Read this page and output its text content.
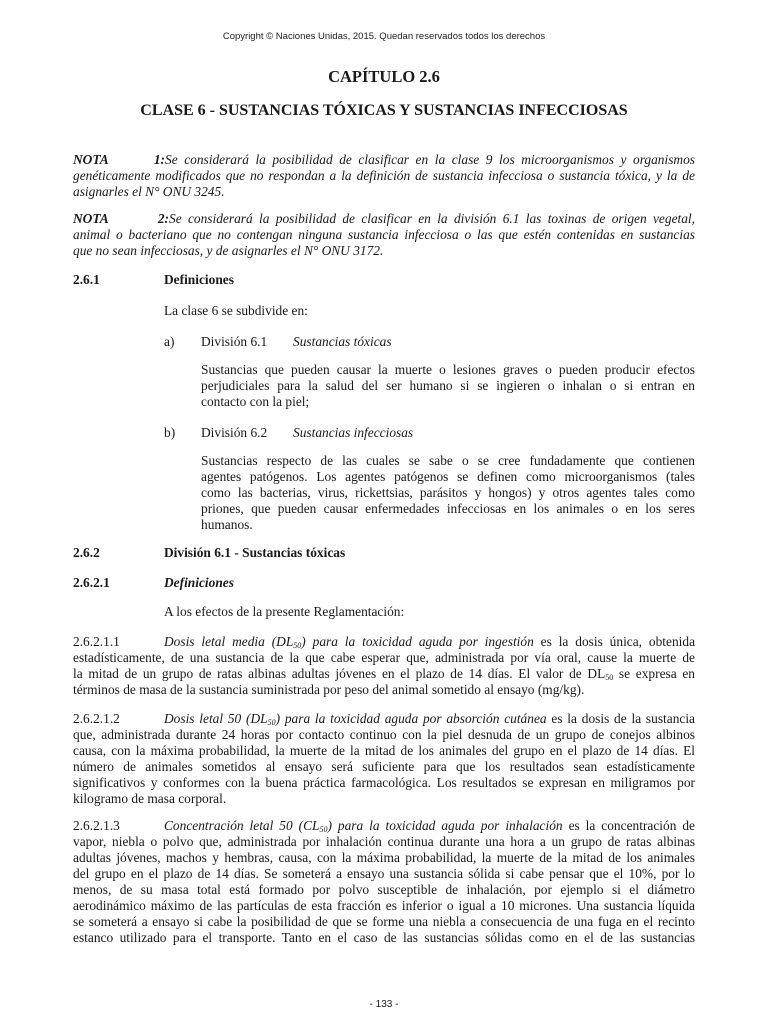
Copyright © Naciones Unidas, 2015. Quedan reservados todos los derechos
CAPÍTULO 2.6
CLASE 6 - SUSTANCIAS TÓXICAS Y SUSTANCIAS INFECCIOSAS
NOTA 1:Se considerará la posibilidad de clasificar en la clase 9 los microorganismos y organismos
genéticamente modificados que no respondan a la definición de sustancia infecciosa o sustancia tóxica, y la de
asignarles el N° ONU 3245.
NOTA 2:Se considerará la posibilidad de clasificar en la división 6.1 las toxinas de origen vegetal,
animal o bacteriano que no contengan ninguna sustancia infecciosa o las que estén contenidas en sustancias
que no sean infecciosas, y de asignarles el N° ONU 3172.
2.6.1	Definiciones
La clase 6 se subdivide en:
a) División 6.1 Sustancias tóxicas
Sustancias que pueden causar la muerte o lesiones graves o pueden producir efectos
perjudiciales para la salud del ser humano si se ingieren o inhalan o si entran en
contacto con la piel;
b) División 6.2 Sustancias infecciosas
Sustancias respecto de las cuales se sabe o se cree fundadamente que contienen
agentes patógenos. Los agentes patógenos se definen como microorganismos (tales
como las bacterias, virus, rickettsias, parásitos y hongos) y otros agentes tales como
priones, que pueden causar enfermedades infecciosas en los animales o en los seres
humanos.
2.6.2	División 6.1 - Sustancias tóxicas
2.6.2.1	Definiciones
A los efectos de la presente Reglamentación:
2.6.2.1.1	Dosis letal media $(DL_{50})$ para la toxicidad aguda por ingestión es la dosis única, obtenida
estadísticamente, de una sustancia de la que cabe esperar que, administrada por vía oral, cause la muerte de
la mitad de un grupo de ratas albinas adultas jóvenes en el plazo de 14 días. El valor de $DL_{50}$ se expresa en
términos de masa de la sustancia suministrada por peso del animal sometido al ensayo (mg/kg).
2.6.2.1.2	Dosis letal 50 $(DL_{50})$ para la toxicidad aguda por absorción cutánea es la dosis de la sustancia
que, administrada durante 24 horas por contacto continuo con la piel desnuda de un grupo de conejos albinos
causa, con la máxima probabilidad, la muerte de la mitad de los animales del grupo en el plazo de 14 días. El
número de animales sometidos al ensayo será suficiente para que los resultados sean estadísticamente
significativos y conformes con la buena práctica farmacológica. Los resultados se expresan en miligramos por
kilogramo de masa corporal.
2.6.2.1.3	Concentración letal 50 $(CL_{50})$ para la toxicidad aguda por inhalación es la concentración de
vapor, niebla o polvo que, administrada por inhalación continua durante una hora a un grupo de ratas albinas
adultas jóvenes, machos y hembras, causa, con la máxima probabilidad, la muerte de la mitad de los animales
del grupo en el plazo de 14 días. Se someterá a ensayo una sustancia sólida si cabe pensar que el 10%, por lo
menos, de su masa total está formado por polvo susceptible de inhalación, por ejemplo si el diámetro
aerodinámico máximo de las partículas de esta fracción es inferior o igual a 10 micrones. Una sustancia líquida
se someterá a ensayo si cabe la posibilidad de que se forme una niebla a consecuencia de una fuga en el recinto
estanco utilizado para el transporte. Tanto en el caso de las sustancias sólidas como en el de las sustancias
- 133 -
